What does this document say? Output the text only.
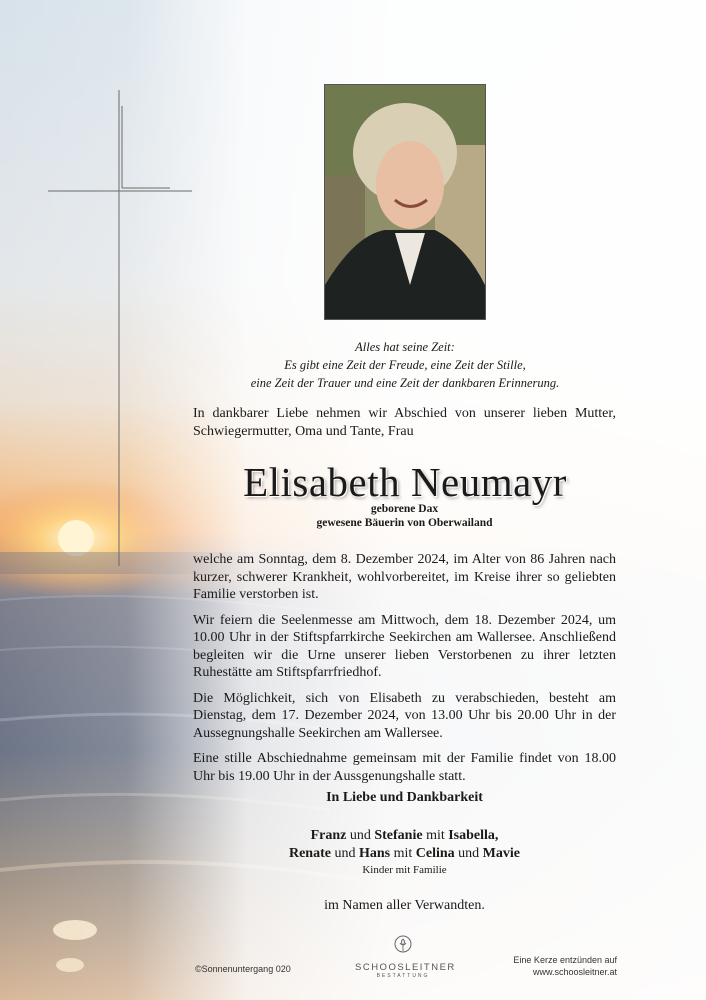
Alles hat seine Zeit:
Es gibt eine Zeit der Freude, eine Zeit der Stille,
eine Zeit der Trauer und eine Zeit der dankbaren Erinnerung.
In dankbarer Liebe nehmen wir Abschied von unserer lieben Mutter, Schwiegermutter, Oma und Tante, Frau
Elisabeth Neumayr
geborene Dax
gewesene Bäuerin von Oberwailand

welche am Sonntag, dem 8. Dezember 2024, im Alter von 86 Jahren nach kurzer, schwerer Krankheit, wohlvorbereitet, im Kreise ihrer so geliebten Familie verstorben ist.

Wir feiern die Seelenmesse am Mittwoch, dem 18. Dezember 2024, um 10.00 Uhr in der Stiftspfarrkirche Seekirchen am Wallersee. Anschließend begleiten wir die Urne unserer lieben Verstorbenen zu ihrer letzten Ruhestätte am Stiftspfarrfriedhof.

Die Möglichkeit, sich von Elisabeth zu verabschieden, besteht am Dienstag, dem 17. Dezember 2024, von 13.00 Uhr bis 20.00 Uhr in der Aussegnungshalle Seekirchen am Wallersee.

Eine stille Abschiednahme gemeinsam mit der Familie findet von 18.00 Uhr bis 19.00 Uhr in der Aussgenungshalle statt.

In Liebe und Dankbarkeit
Franz und Stefanie mit Isabella,
Renate und Hans mit Celina und Mavie
Kinder mit Familie
im Namen aller Verwandten.
©Sonnenuntergang 020	SCHOOSLEITNER
BESTATTUNG
Eine Kerze entzünden auf
www.schoosleitner.at
